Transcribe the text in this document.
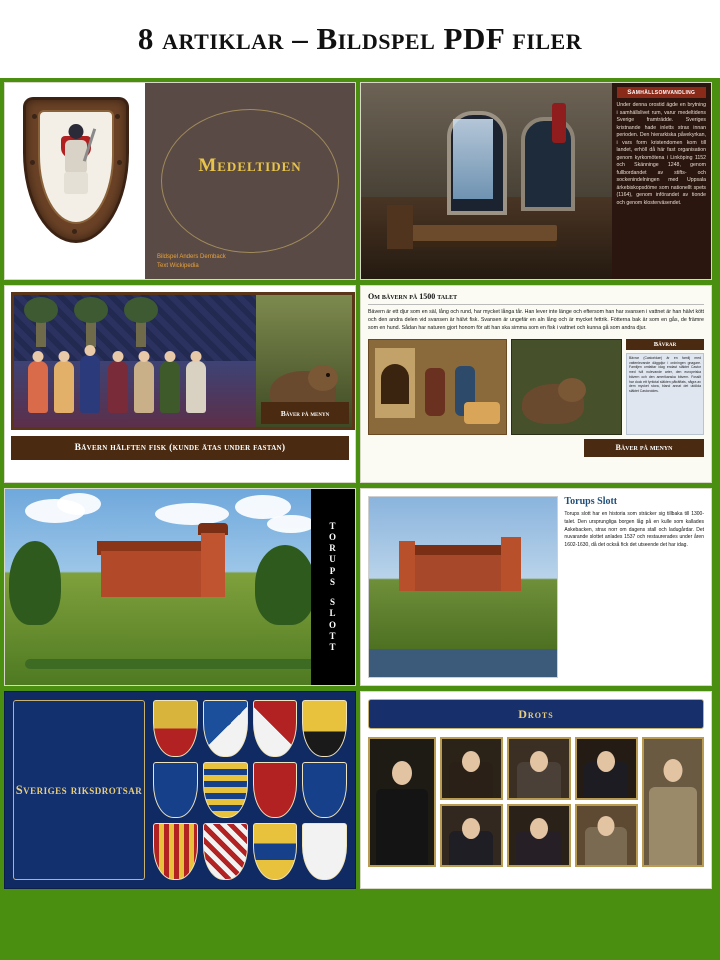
8 artiklar – Bildspel PDF filer
Medeltiden
Bildspel Anders Dernback
Text Wickipedia
Samhällsomvandling
Under denna orostid ägde en brytning i samhällslivet rum, varur medeltidens Sverige framträdde. Sveriges kristnande hade inletts strax innan perioden. Den hierarkiska påvekyrkan, i vars form kristendomen kom till landet, erhöll då här fast organisation genom kyrkomötena i Linköping 1152 och Skänninge 1248, genom fullbordandet av stifts- och sockenindelningen med Uppsala ärkebiskopsdöme som nationellt spets (1164), genom införandet av tionde och genom klosterväsendet.
Bäver på menyn
Bävern hälften fisk (kunde ätas under fastan)
Om bävern på 1500 talet
Bävern är ett djur som en säl, lång och rund, har mycket långa tår. Han lever inte länge och eftersom han har svansen i vattnet är han hälvt kött och den andra delen vid svansen är hälvt fisk. Svansen är ungefär en aln lång och är mycket fettrik. Fötterna bak är som en gås, de främre som en hund. Sådan har naturen gjort honom för att han ska simma som en fisk i vattnet och kunna gå som andra djur.
Bävrar
Bävrar (Castoridae) är en familj med vattenlevande däggdjur i ordningen gnagare. Familjen omfattar idag endast släktet Castor med två nulevande arter, den europeiska bävern och den amerikanska bävern. Fossilt har dock ett fyrtiotal släkten påträffats, några av dem mycket stora, bland annat det utdöda släktet Castoroides.
Bäver på menyn
T
O
R
U
P
S
S
L
O
T
T
Torups Slott
Torups slott har en historia som sträcker sig tillbaka till 1300-talet. Den ursprungliga borgen låg på en kulle som kallades Askebacken, strax norr om dagens stall och ladugårdar. Det nuvarande slottet anlades 1537 och restaurerades under åren 1602-1630, då det också fick det utseende det har idag.
Sveriges riksdrotsar
Drots
